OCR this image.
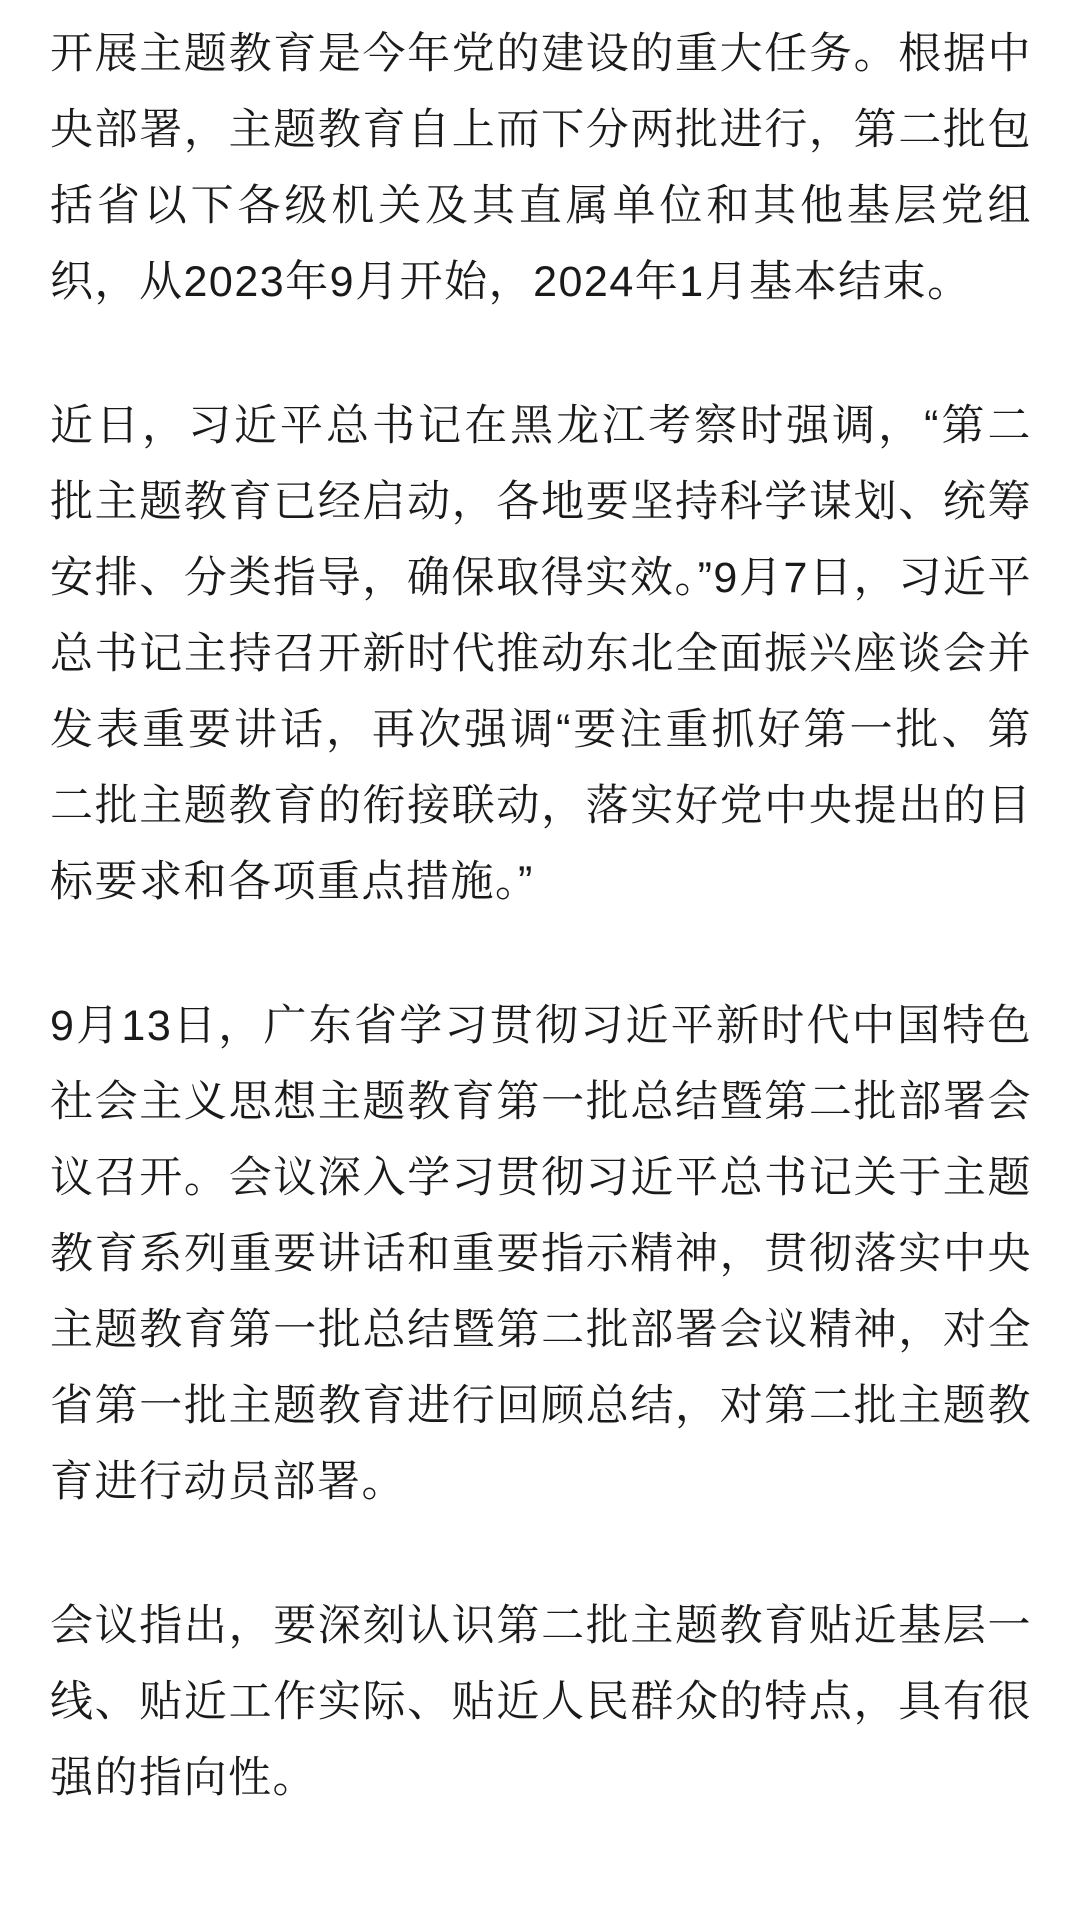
开展主题教育是今年党的建设的重大任务。根据中央部署，主题教育自上而下分两批进行，第二批包括省以下各级机关及其直属单位和其他基层党组织，从2023年9月开始，2024年1月基本结束。

近日，习近平总书记在黑龙江考察时强调，“第二批主题教育已经启动，各地要坚持科学谋划、统筹安排、分类指导，确保取得实效。”9月7日，习近平总书记主持召开新时代推动东北全面振兴座谈会并发表重要讲话，再次强调“要注重抓好第一批、第二批主题教育的衔接联动，落实好党中央提出的目标要求和各项重点措施。”

9月13日，广东省学习贯彻习近平新时代中国特色社会主义思想主题教育第一批总结暨第二批部署会议召开。会议深入学习贯彻习近平总书记关于主题教育系列重要讲话和重要指示精神，贯彻落实中央主题教育第一批总结暨第二批部署会议精神，对全省第一批主题教育进行回顾总结，对第二批主题教育进行动员部署。

会议指出，要深刻认识第二批主题教育贴近基层一线、贴近工作实际、贴近人民群众的特点，具有很强的指向性。
